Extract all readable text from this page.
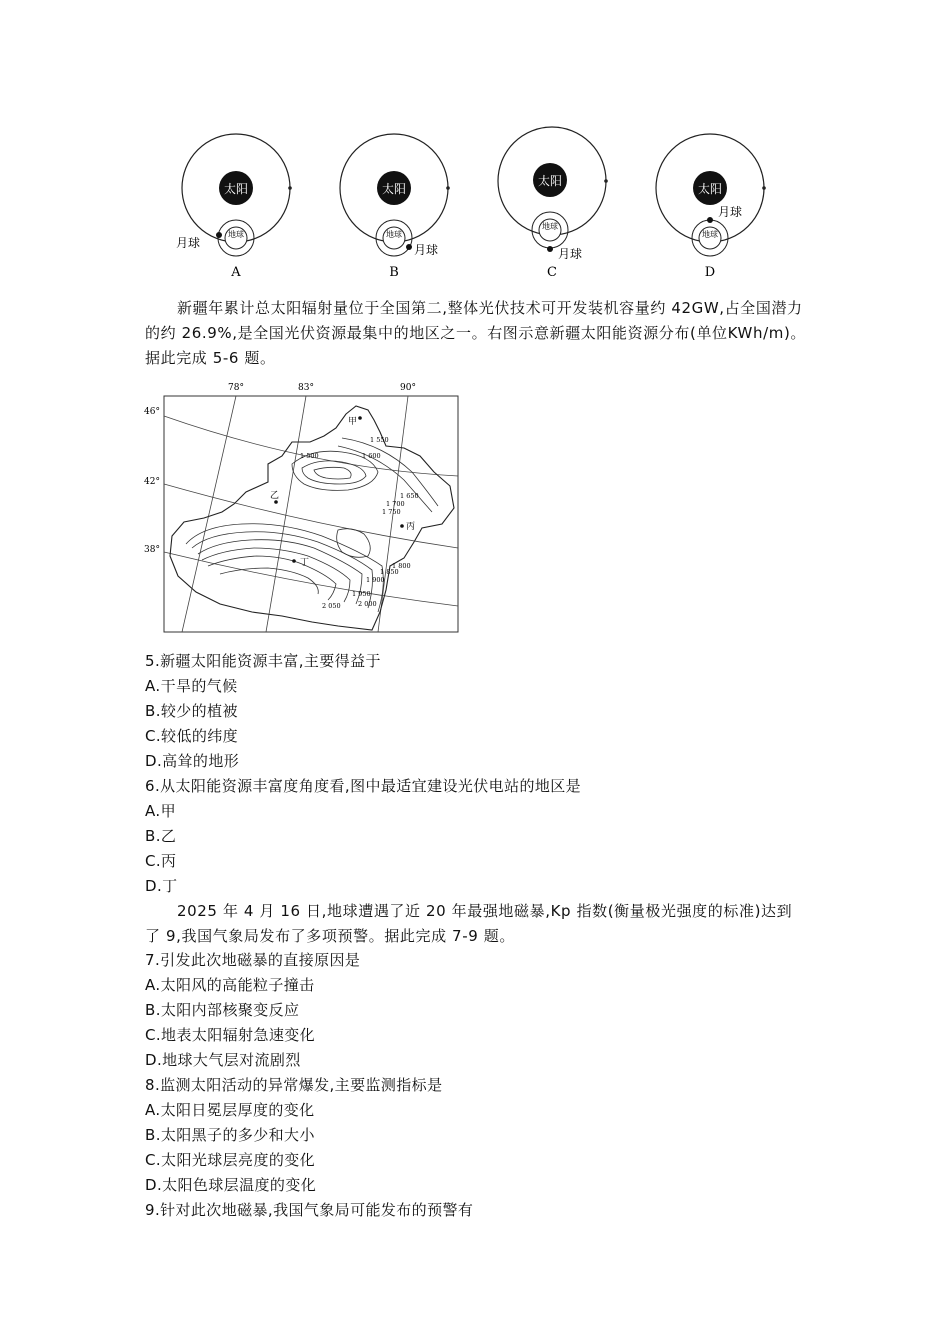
太阳
地球
月球
A
太阳
地球
月球
B
太阳
地球
月球
C
太阳
地球
月球
D
新疆年累计总太阳辐射量位于全国第二,整体光伏技术可开发装机容量约 42GW,占全国潜力的约 26.9%,是全国光伏资源最集中的地区之一。右图示意新疆太阳能资源分布(单位KWh/m)。据此完成 5-6 题。
78°	83°	90°
46°
42°
38°
1 550
1 500	1 600
1 650
1 700
1 750
1 800
1 850
1 900
1 950
2 000
2 050
甲
乙
丙
丁
5.新疆太阳能资源丰富,主要得益于
A.干旱的气候
B.较少的植被
C.较低的纬度
D.高耸的地形
6.从太阳能资源丰富度角度看,图中最适宜建设光伏电站的地区是
A.甲
B.乙
C.丙
D.丁
2025 年 4 月 16 日,地球遭遇了近 20 年最强地磁暴,Kp 指数(衡量极光强度的标准)达到了 9,我国气象局发布了多项预警。据此完成 7-9 题。
7.引发此次地磁暴的直接原因是
A.太阳风的高能粒子撞击
B.太阳内部核聚变反应
C.地表太阳辐射急速变化
D.地球大气层对流剧烈
8.监测太阳活动的异常爆发,主要监测指标是
A.太阳日冕层厚度的变化
B.太阳黑子的多少和大小
C.太阳光球层亮度的变化
D.太阳色球层温度的变化
9.针对此次地磁暴,我国气象局可能发布的预警有
